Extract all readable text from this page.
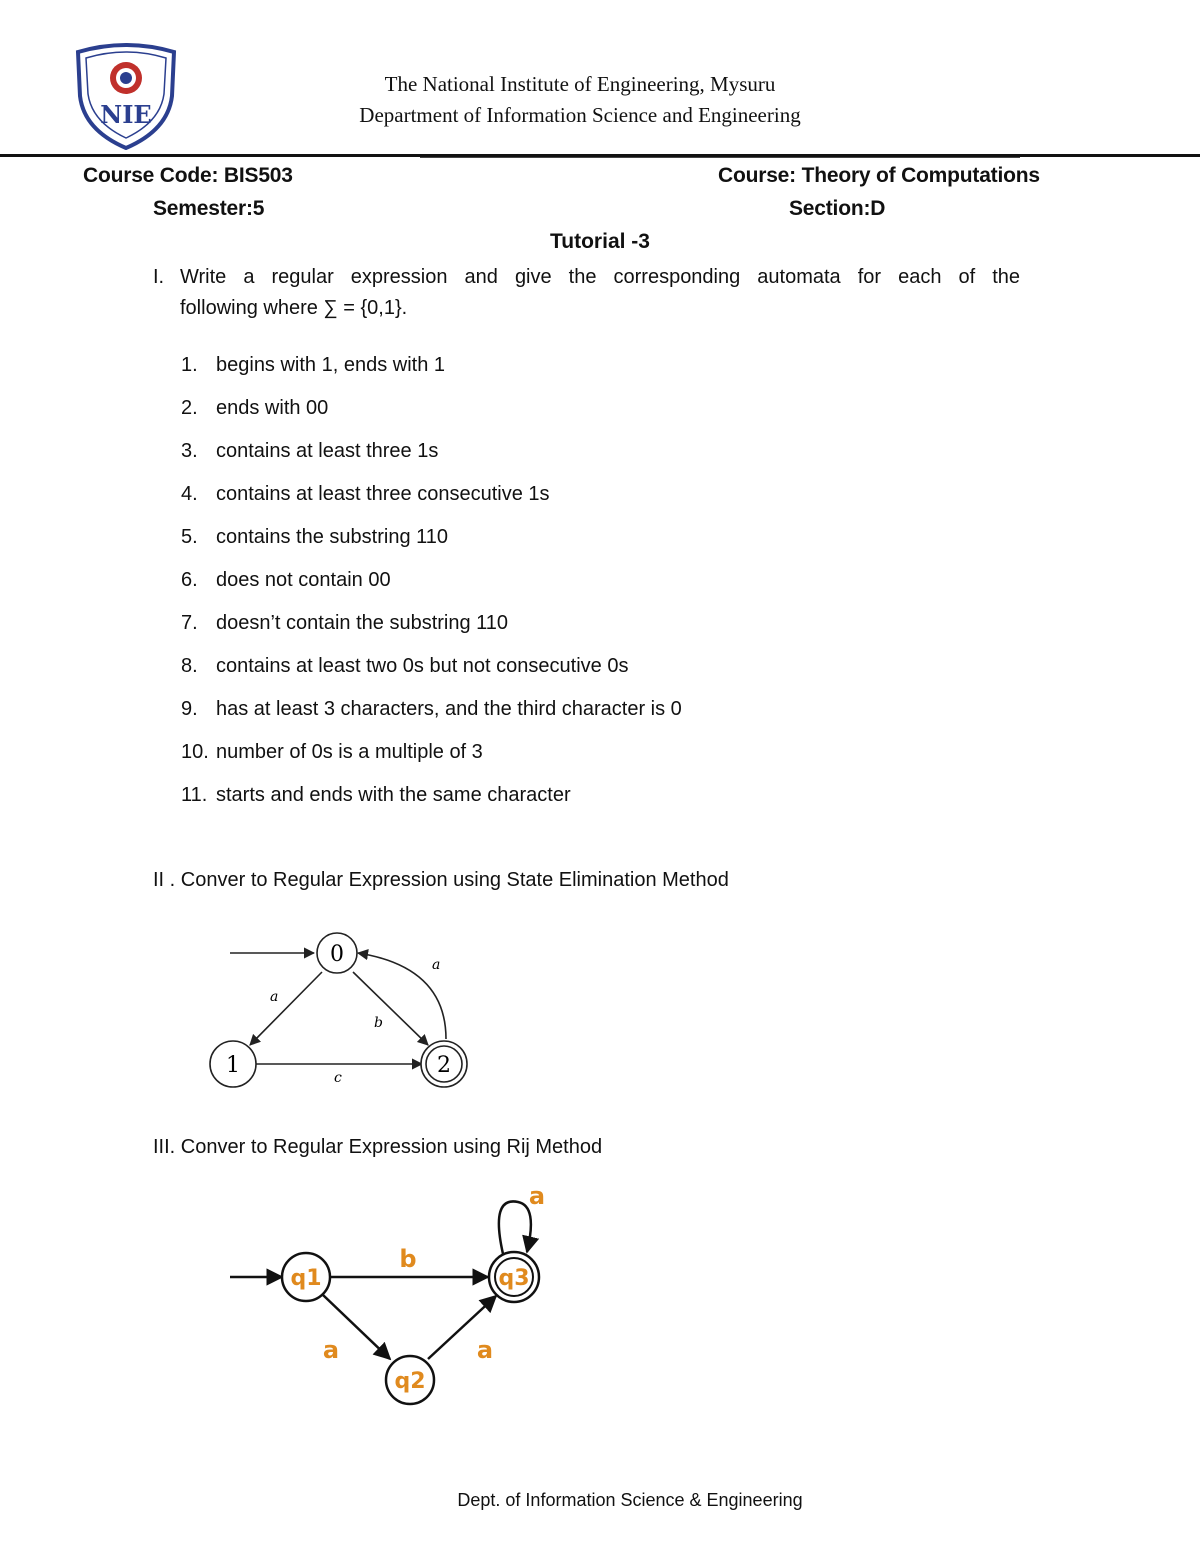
NIE
The National Institute of Engineering, Mysuru
Department of Information Science and Engineering
Course Code: BIS503	Course: Theory of Computations
Semester:5	Section:D
Tutorial -3
I. Write a regular expression and give the corresponding automata for each of the
following where ∑ = {0,1}.
1. begins with 1, ends with 1
2. ends with 00
3. contains at least three 1s
4. contains at least three consecutive 1s
5. contains the substring 110
6. does not contain 00
7. doesn’t contain the substring 110
8. contains at least two 0s but not consecutive 0s
9. has at least 3 characters, and the third character is 0
10. number of 0s is a multiple of 3
11. starts and ends with the same character
II . Conver to Regular Expression using State Elimination Method
0
1	2
a
b
a
c
III. Conver to Regular Expression using Rij Method
q1
q2
q3
b
a	a
a
Dept. of Information Science & Engineering
